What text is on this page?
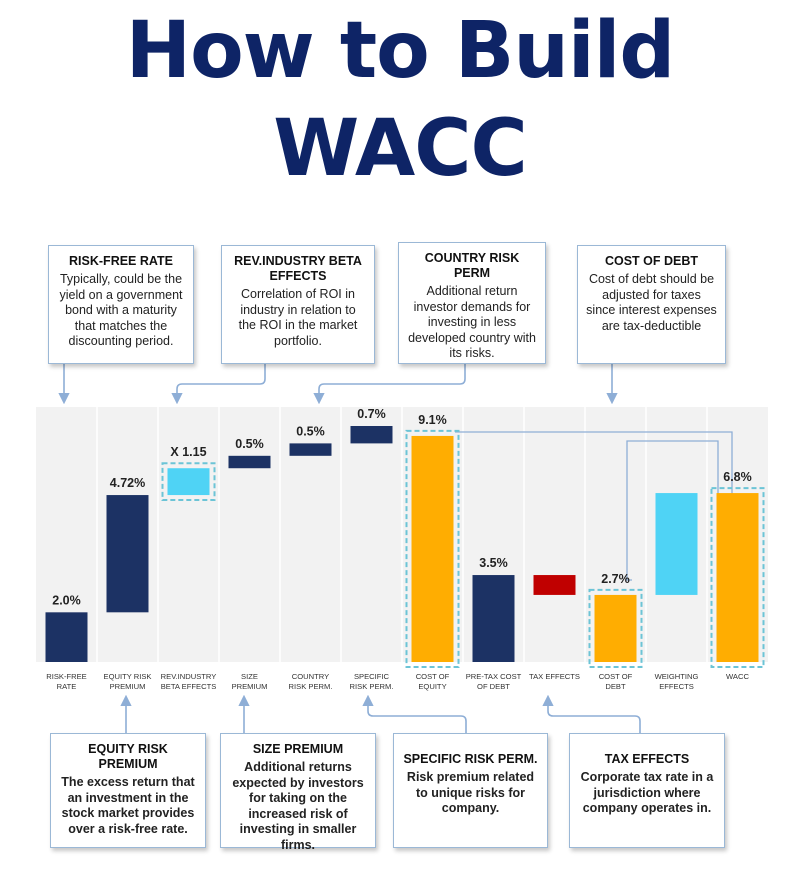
How to Build
WACC
2.0%
RISK-FREE
RATE
4.72%
EQUITY RISK
PREMIUM
X 1.15
REV.INDUSTRY
BETA EFFECTS
0.5%
SIZE
PREMIUM
0.5%
COUNTRY
RISK PERM.
0.7%
SPECIFIC
RISK PERM.
9.1%
COST OF
EQUITY
3.5%
PRE-TAX COST
OF DEBT
TAX EFFECTS
2.7%
COST OF
DEBT
WEIGHTING
EFFECTS
6.8%
WACC
RISK-FREE RATE
Typically, could be the yield on a government bond with a maturity that matches the discounting period.
REV.INDUSTRY BETA EFFECTS
Correlation of ROI in industry in relation to the ROI in the market portfolio.
COUNTRY RISK PERM
Additional return investor demands for investing in less developed country with its risks.
COST OF DEBT
Cost of debt should be adjusted for taxes since interest expenses are tax-deductible
EQUITY RISK PREMIUM
The excess return that an investment in the stock market provides over a risk-free rate.
SIZE PREMIUM
Additional returns expected by investors for taking on the increased risk of investing in smaller firms.
SPECIFIC RISK PERM.
Risk premium related to unique risks for company.
TAX EFFECTS
Corporate tax rate in a jurisdiction where company operates in.
